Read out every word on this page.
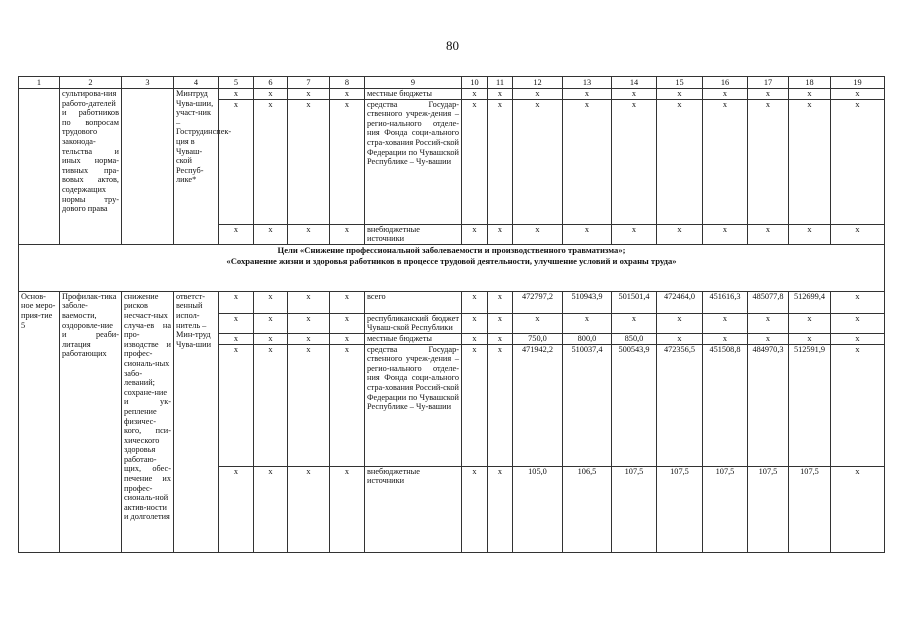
80
1	2	3	4	5	6	7	8	9	10	11	12	13	14	15	16	17	18	19
	сультирова-ния работо-дателей и работников по вопросам трудового законода-тельства и иных норма-тивных пра-вовых актов, содержащих нормы тру-дового права		Минтруд Чува-шии, участ-ник – Гострудинспек-ция в Чуваш-ской Респуб-лике*	x	x	x	x	местные бюджеты	x	x	x	x	x	x	x	x	x	x
				x	x	x	x	средства Государ-ственного учреж-дения – регио-нального отделе-ния Фонда соци-ального стра-хования Россий-ской Федерации по Чувашской Республике – Чу-вашии	x	x	x	x	x	x	x	x	x	x
				x	x	x	x	внебюджетные источники	x	x	x	x	x	x	x	x	x	x

Цели «Снижение профессиональной заболеваемости и производственного травматизма»;
«Сохранение жизни и здоровья работников в процессе трудовой деятельности, улучшение условий и охраны труда»																		

Основ-ное меро-прия-тие 5	Профилак-тика заболе-ваемости, оздоровле-ние и реаби-литация работающих	снижение рисков несчаст-ных случа-ев на про-изводстве и профес-сиональ-ных забо-леваний; сохране-ние и ук-репление физичес-кого, пси-хического здоровья работаю-щих, обес-печение их профес-сиональ-ной актив-ности и долголетия	ответст-венный испол-нитель – Мин-труд Чува-шии	x	x	x	x	всего	x	x	472797,2	510943,9	501501,4	472464,0	451616,3	485077,8	512699,4	x
				x	x	x	x	республиканский бюджет Чуваш-ской Республики	x	x	x	x	x	x	x	x	x	x
				x	x	x	x	местные бюджеты	x	x	750,0	800,0	850,0	x	x	x	x	x
				x	x	x	x	средства Государ-ственного учреж-дения – регио-нального отделе-ния Фонда соци-ального стра-хования Россий-ской Федерации по Чувашской Республике – Чу-вашии	x	x	471942,2	510037,4	500543,9	472356,5	451508,8	484970,3	512591,9	x
				x	x	x	x	внебюджетные источники	x	x	105,0	106,5	107,5	107,5	107,5	107,5	107,5	x
